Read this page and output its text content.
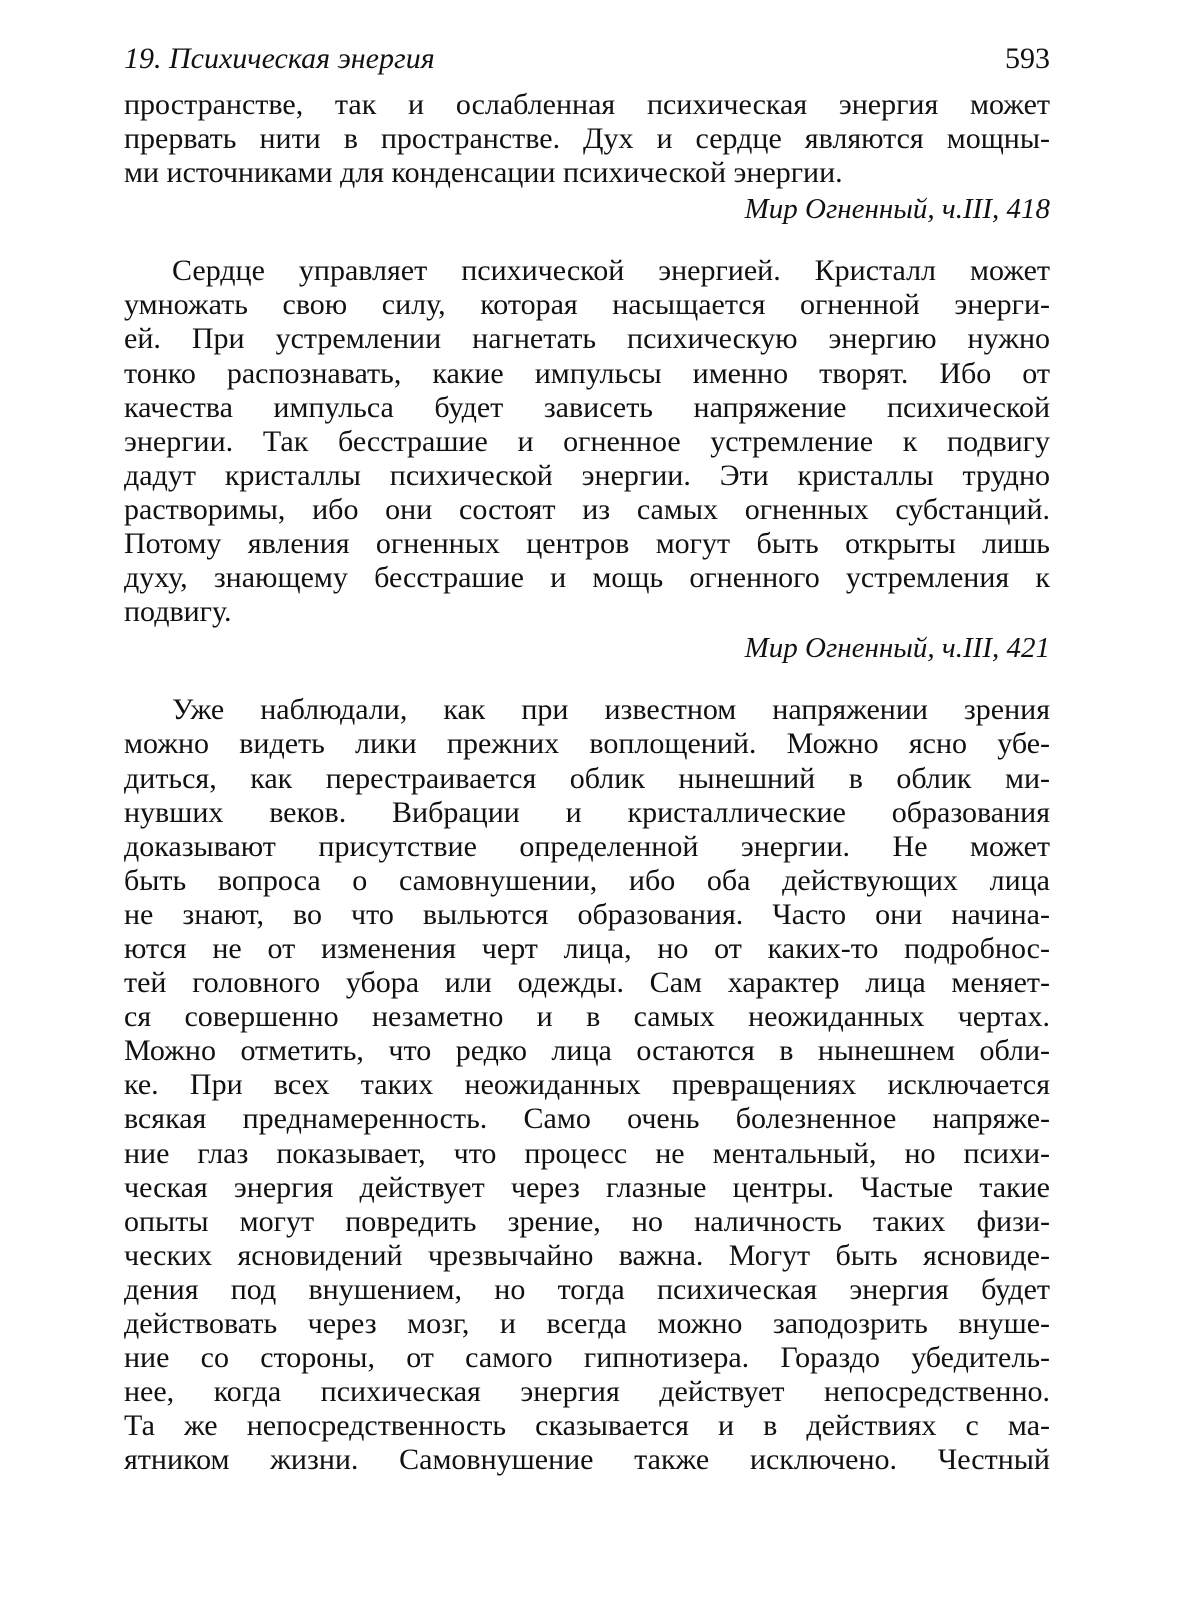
19. Психическая энергия	593
пространстве, так и ослабленная психическая энергия может
прервать нити в пространстве. Дух и сердце являются мощны-
ми источниками для конденсации психической энергии.
Мир Огненный, ч.III, 418
Сердце управляет психической энергией. Кристалл может
умножать свою силу, которая насыщается огненной энерги-
ей. При устремлении нагнетать психическую энергию нужно
тонко распознавать, какие импульсы именно творят. Ибо от
качества импульса будет зависеть напряжение психической
энергии. Так бесстрашие и огненное устремление к подвигу
дадут кристаллы психической энергии. Эти кристаллы трудно
растворимы, ибо они состоят из самых огненных субстанций.
Потому явления огненных центров могут быть открыты лишь
духу, знающему бесстрашие и мощь огненного устремления к
подвигу.
Мир Огненный, ч.III, 421
Уже наблюдали, как при известном напряжении зрения
можно видеть лики прежних воплощений. Можно ясно убе-
диться, как перестраивается облик нынешний в облик ми-
нувших веков. Вибрации и кристаллические образования
доказывают присутствие определенной энергии. Не может
быть вопроса о самовнушении, ибо оба действующих лица
не знают, во что выльются образования. Часто они начина-
ются не от изменения черт лица, но от каких-то подробнос-
тей головного убора или одежды. Сам характер лица меняет-
ся совершенно незаметно и в самых неожиданных чертах.
Можно отметить, что редко лица остаются в нынешнем обли-
ке. При всех таких неожиданных превращениях исключается
всякая преднамеренность. Само очень болезненное напряже-
ние глаз показывает, что процесс не ментальный, но психи-
ческая энергия действует через глазные центры. Частые такие
опыты могут повредить зрение, но наличность таких физи-
ческих ясновидений чрезвычайно важна. Могут быть ясновиде-
дения под внушением, но тогда психическая энергия будет
действовать через мозг, и всегда можно заподозрить внуше-
ние со стороны, от самого гипнотизера. Гораздо убедитель-
нее, когда психическая энергия действует непосредственно.
Та же непосредственность сказывается и в действиях с ма-
ятником жизни. Самовнушение также исключено. Честный
